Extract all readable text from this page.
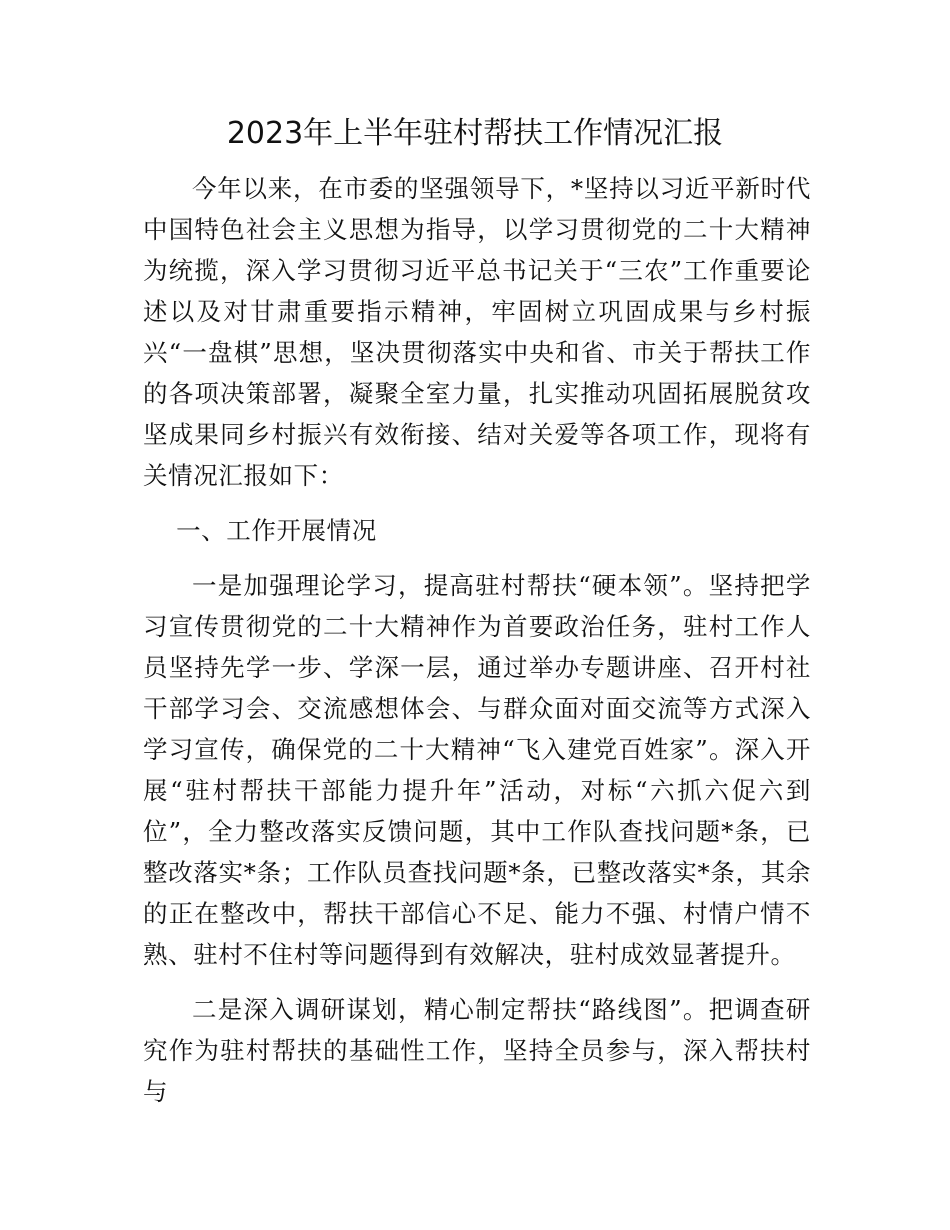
2023年上半年驻村帮扶工作情况汇报

今年以来，在市委的坚强领导下，*坚持以习近平新时代中国特色社会主义思想为指导，以学习贯彻党的二十大精神为统揽，深入学习贯彻习近平总书记关于“三农”工作重要论述以及对甘肃重要指示精神，牢固树立巩固成果与乡村振兴“一盘棋”思想，坚决贯彻落实中央和省、市关于帮扶工作的各项决策部署，凝聚全室力量，扎实推动巩固拓展脱贫攻坚成果同乡村振兴有效衔接、结对关爱等各项工作，现将有关情况汇报如下：

一、工作开展情况

一是加强理论学习，提高驻村帮扶“硬本领”。坚持把学习宣传贯彻党的二十大精神作为首要政治任务，驻村工作人员坚持先学一步、学深一层，通过举办专题讲座、召开村社干部学习会、交流感想体会、与群众面对面交流等方式深入学习宣传，确保党的二十大精神“飞入建党百姓家”。深入开展“驻村帮扶干部能力提升年”活动，对标“六抓六促六到位”，全力整改落实反馈问题，其中工作队查找问题*条，已整改落实*条；工作队员查找问题*条，已整改落实*条，其余的正在整改中，帮扶干部信心不足、能力不强、村情户情不熟、驻村不住村等问题得到有效解决，驻村成效显著提升。

二是深入调研谋划，精心制定帮扶“路线图”。把调查研究作为驻村帮扶的基础性工作，坚持全员参与，深入帮扶村与
